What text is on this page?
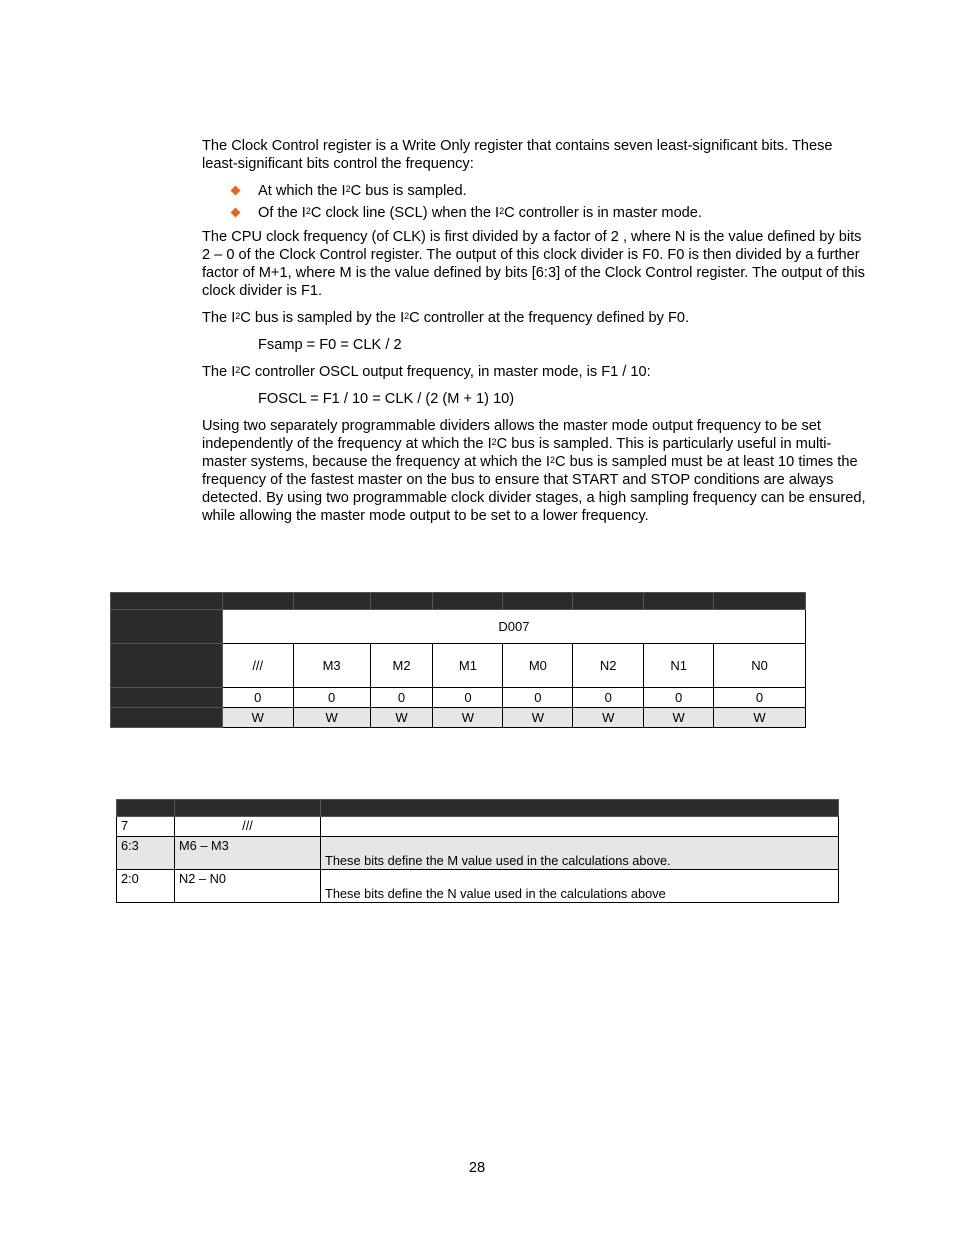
The Clock Control register is a Write Only register that contains seven least-significant bits. These least-significant bits control the frequency:

At which the $I^2C$ bus is sampled.
Of the $I^2C$ clock line (SCL) when the $I^2C$ controller is in master mode.

The CPU clock frequency (of CLK) is first divided by a factor of 2 , where N is the value defined by bits 2 – 0 of the Clock Control register. The output of this clock divider is F0. F0 is then divided by a further factor of M+1, where M is the value defined by bits [6:3] of the Clock Control register. The output of this clock divider is F1.

The $I^2C$ bus is sampled by the $I^2C$ controller at the frequency defined by F0.

Fsamp = F0 = CLK / 2

The $I^2C$ controller OSCL output frequency, in master mode, is F1 / 10:

FOSCL = F1 / 10 = CLK / (2 (M + 1) 10)

Using two separately programmable dividers allows the master mode output frequency to be set independently of the frequency at which the $I^2C$ bus is sampled. This is particularly useful in multi-master systems, because the frequency at which the $I^2C$ bus is sampled must be at least 10 times the frequency of the fastest master on the bus to ensure that START and STOP conditions are always detected. By using two programmable clock divider stages, a high sampling frequency can be ensured, while allowing the master mode output to be set to a lower frequency.

	D007							
	///	M3	M2	M1	M0	N2	N1	N0
	0	0	0	0	0	0	0	0
	W	W	W	W	W	W	W	W

7	///	
6:3	M6 – M3	These bits define the M value used in the calculations above.
2:0	N2 – N0	These bits define the N value used in the calculations above
28
